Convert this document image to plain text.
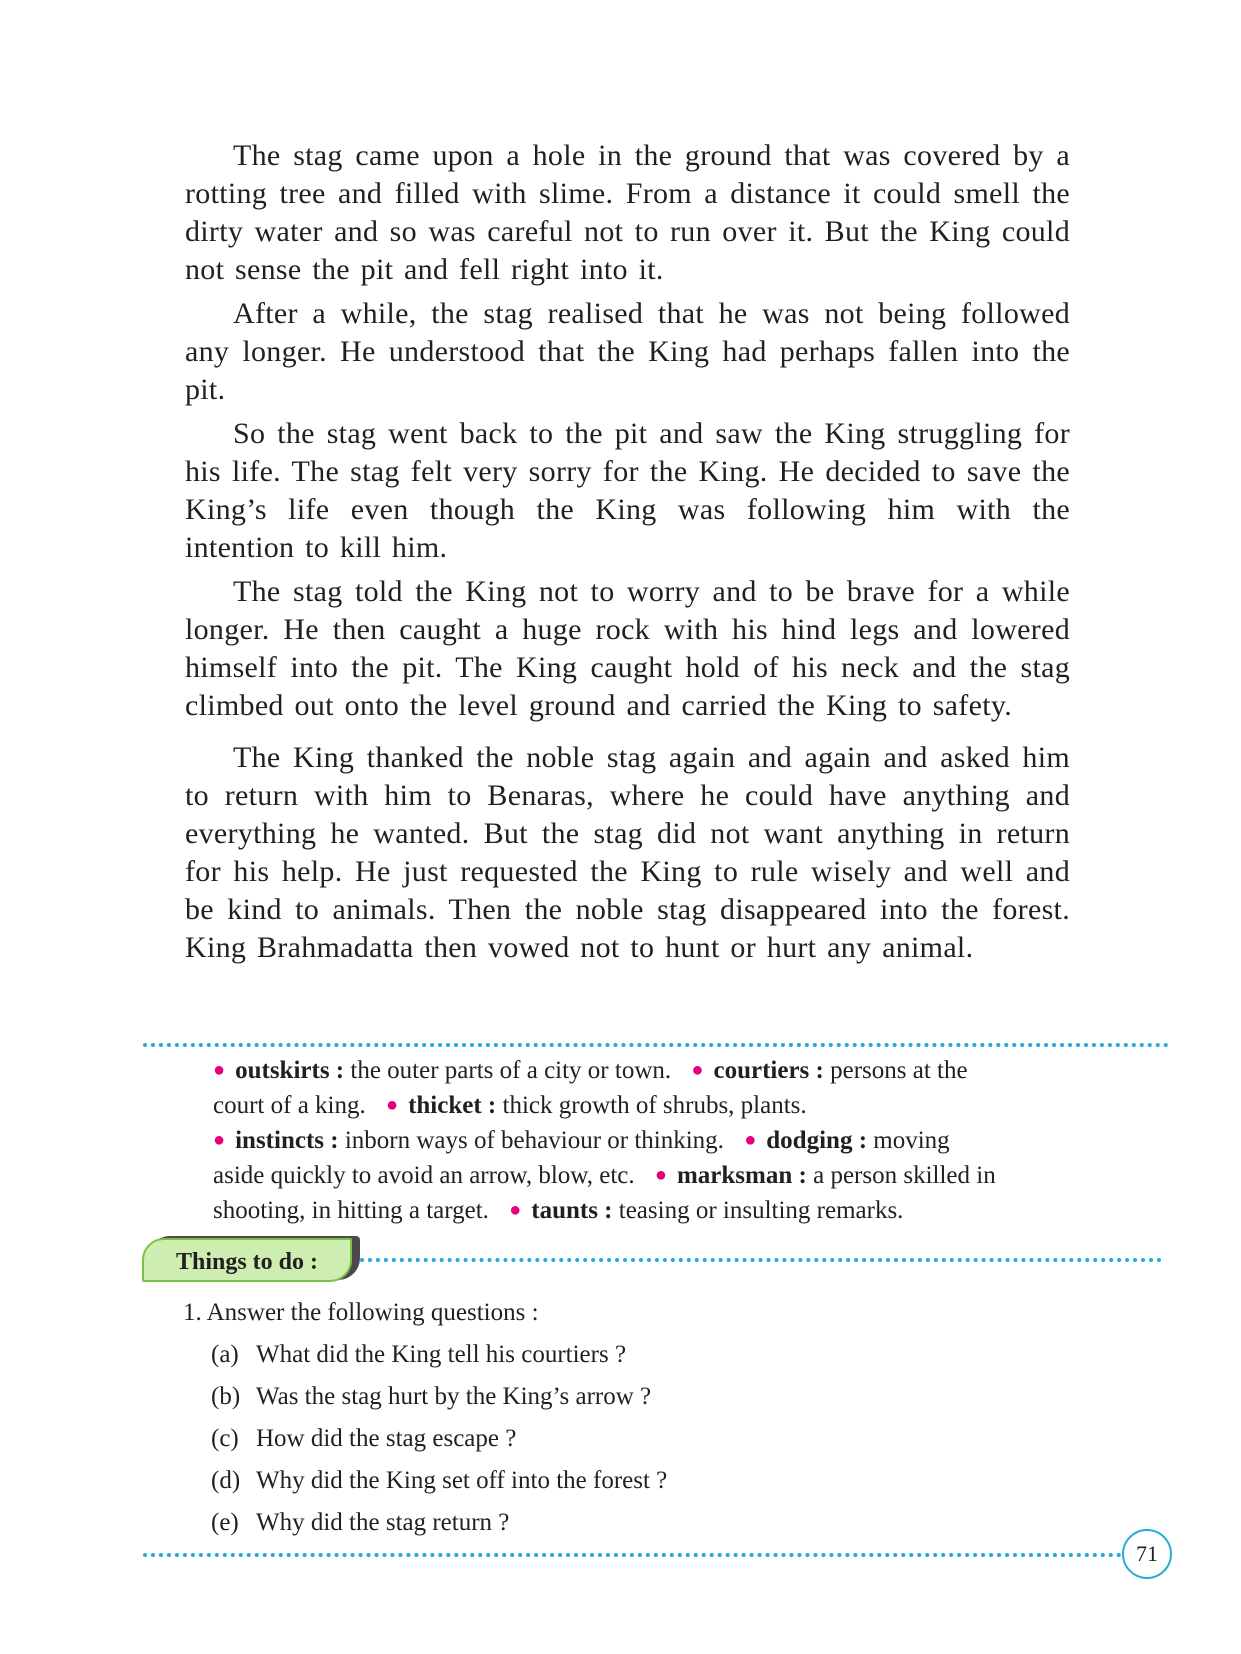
The stag came upon a hole in the ground that was covered by a rotting tree and filled with slime. From a distance it could smell the dirty water and so was careful not to run over it. But the King could not sense the pit and fell right into it.

After a while, the stag realised that he was not being followed any longer. He understood that the King had perhaps fallen into the pit.

So the stag went back to the pit and saw the King struggling for his life. The stag felt very sorry for the King. He decided to save the King’s life even though the King was following him with the intention to kill him.

The stag told the King not to worry and to be brave for a while longer. He then caught a huge rock with his hind legs and lowered himself into the pit. The King caught hold of his neck and the stag climbed out onto the level ground and carried the King to safety.

The King thanked the noble stag again and again and asked him to return with him to Benaras, where he could have anything and everything he wanted. But the stag did not want anything in return for his help. He just requested the King to rule wisely and well and be kind to animals. Then the noble stag disappeared into the forest. King Brahmadatta then vowed not to hunt or hurt any animal.

● outskirts : the outer parts of a city or town. ● courtiers : persons at the
court of a king. ● thicket : thick growth of shrubs, plants.
● instincts : inborn ways of behaviour or thinking. ● dodging : moving
aside quickly to avoid an arrow, blow, etc. ● marksman : a person skilled in
shooting, in hitting a target. ● taunts : teasing or insulting remarks.
Things to do :
1. Answer the following questions :
(a) What did the King tell his courtiers ?
(b) Was the stag hurt by the King’s arrow ?
(c) How did the stag escape ?
(d) Why did the King set off into the forest ?
(e) Why did the stag return ?
71
